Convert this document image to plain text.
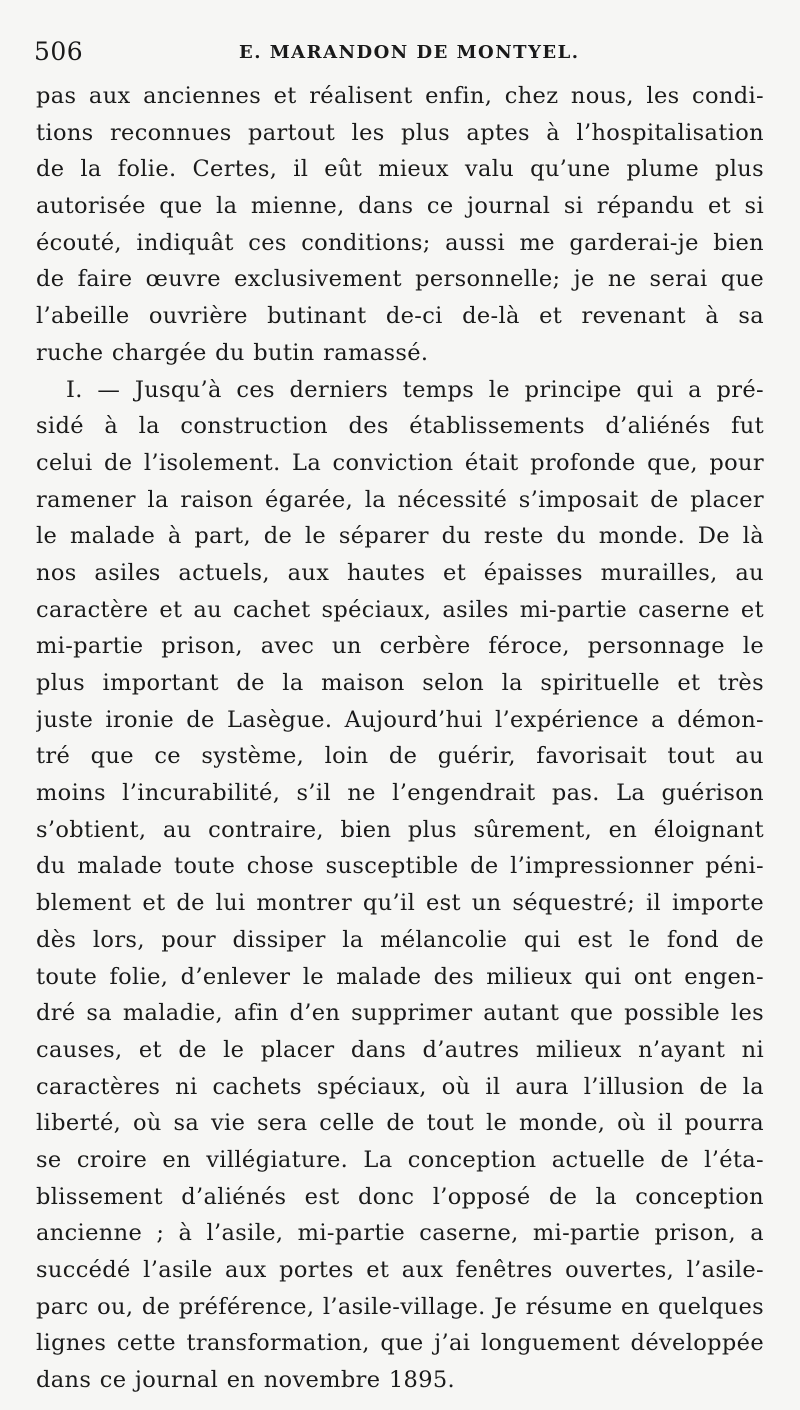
506	E. MARANDON DE MONTYEL.
pas aux anciennes et réalisent enfin, chez nous, les condi-
tions reconnues partout les plus aptes à l’hospitalisation
de la folie. Certes, il eût mieux valu qu’une plume plus
autorisée que la mienne, dans ce journal si répandu et si
écouté, indiquât ces conditions; aussi me garderai-je bien
de faire œuvre exclusivement personnelle; je ne serai que
l’abeille ouvrière butinant de-ci de-là et revenant à sa
ruche chargée du butin ramassé.
I. — Jusqu’à ces derniers temps le principe qui a pré-
sidé à la construction des établissements d’aliénés fut
celui de l’isolement. La conviction était profonde que, pour
ramener la raison égarée, la nécessité s’imposait de placer
le malade à part, de le séparer du reste du monde. De là
nos asiles actuels, aux hautes et épaisses murailles, au
caractère et au cachet spéciaux, asiles mi-partie caserne et
mi-partie prison, avec un cerbère féroce, personnage le
plus important de la maison selon la spirituelle et très
juste ironie de Lasègue. Aujourd’hui l’expérience a démon-
tré que ce système, loin de guérir, favorisait tout au
moins l’incurabilité, s’il ne l’engendrait pas. La guérison
s’obtient, au contraire, bien plus sûrement, en éloignant
du malade toute chose susceptible de l’impressionner péni-
blement et de lui montrer qu’il est un séquestré; il importe
dès lors, pour dissiper la mélancolie qui est le fond de
toute folie, d’enlever le malade des milieux qui ont engen-
dré sa maladie, afin d’en supprimer autant que possible les
causes, et de le placer dans d’autres milieux n’ayant ni
caractères ni cachets spéciaux, où il aura l’illusion de la
liberté, où sa vie sera celle de tout le monde, où il pourra
se croire en villégiature. La conception actuelle de l’éta-
blissement d’aliénés est donc l’opposé de la conception
ancienne ; à l’asile, mi-partie caserne, mi-partie prison, a
succédé l’asile aux portes et aux fenêtres ouvertes, l’asile-
parc ou, de préférence, l’asile-village. Je résume en quelques
lignes cette transformation, que j’ai longuement développée
dans ce journal en novembre 1895.
